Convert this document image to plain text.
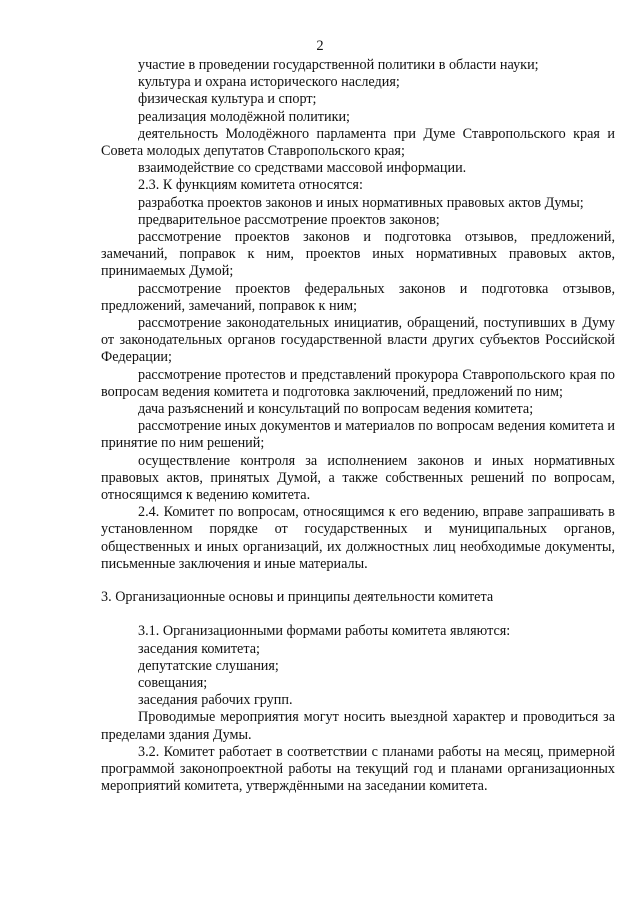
2

участие в проведении государственной политики в области науки;

культура и охрана исторического наследия;

физическая культура и спорт;

реализация молодёжной политики;

деятельность Молодёжного парламента при Думе Ставропольского края и Совета молодых депутатов Ставропольского края;

взаимодействие со средствами массовой информации.

2.3. К функциям комитета относятся:

разработка проектов законов и иных нормативных правовых актов Думы;

предварительное рассмотрение проектов законов;

рассмотрение проектов законов и подготовка отзывов, предложений, замечаний, поправок к ним, проектов иных нормативных правовых актов, принимаемых Думой;

рассмотрение проектов федеральных законов и подготовка отзывов, предложений, замечаний, поправок к ним;

рассмотрение законодательных инициатив, обращений, поступивших в Думу от законодательных органов государственной власти других субъектов Российской Федерации;

рассмотрение протестов и представлений прокурора Ставропольского края по вопросам ведения комитета и подготовка заключений, предложений по ним;

дача разъяснений и консультаций по вопросам ведения комитета;

рассмотрение иных документов и материалов по вопросам ведения комитета и принятие по ним решений;

осуществление контроля за исполнением законов и иных нормативных правовых актов, принятых Думой, а также собственных решений по вопросам, относящимся к ведению комитета.

2.4. Комитет по вопросам, относящимся к его ведению, вправе запрашивать в установленном порядке от государственных и муниципальных органов, общественных и иных организаций, их должностных лиц необходимые документы, письменные заключения и иные материалы.

3. Организационные основы и принципы деятельности комитета

3.1. Организационными формами работы комитета являются:

заседания комитета;

депутатские слушания;

совещания;

заседания рабочих групп.

Проводимые мероприятия могут носить выездной характер и проводиться за пределами здания Думы.

3.2. Комитет работает в соответствии с планами работы на месяц, примерной программой законопроектной работы на текущий год и планами организационных мероприятий комитета, утверждёнными на заседании комитета.
